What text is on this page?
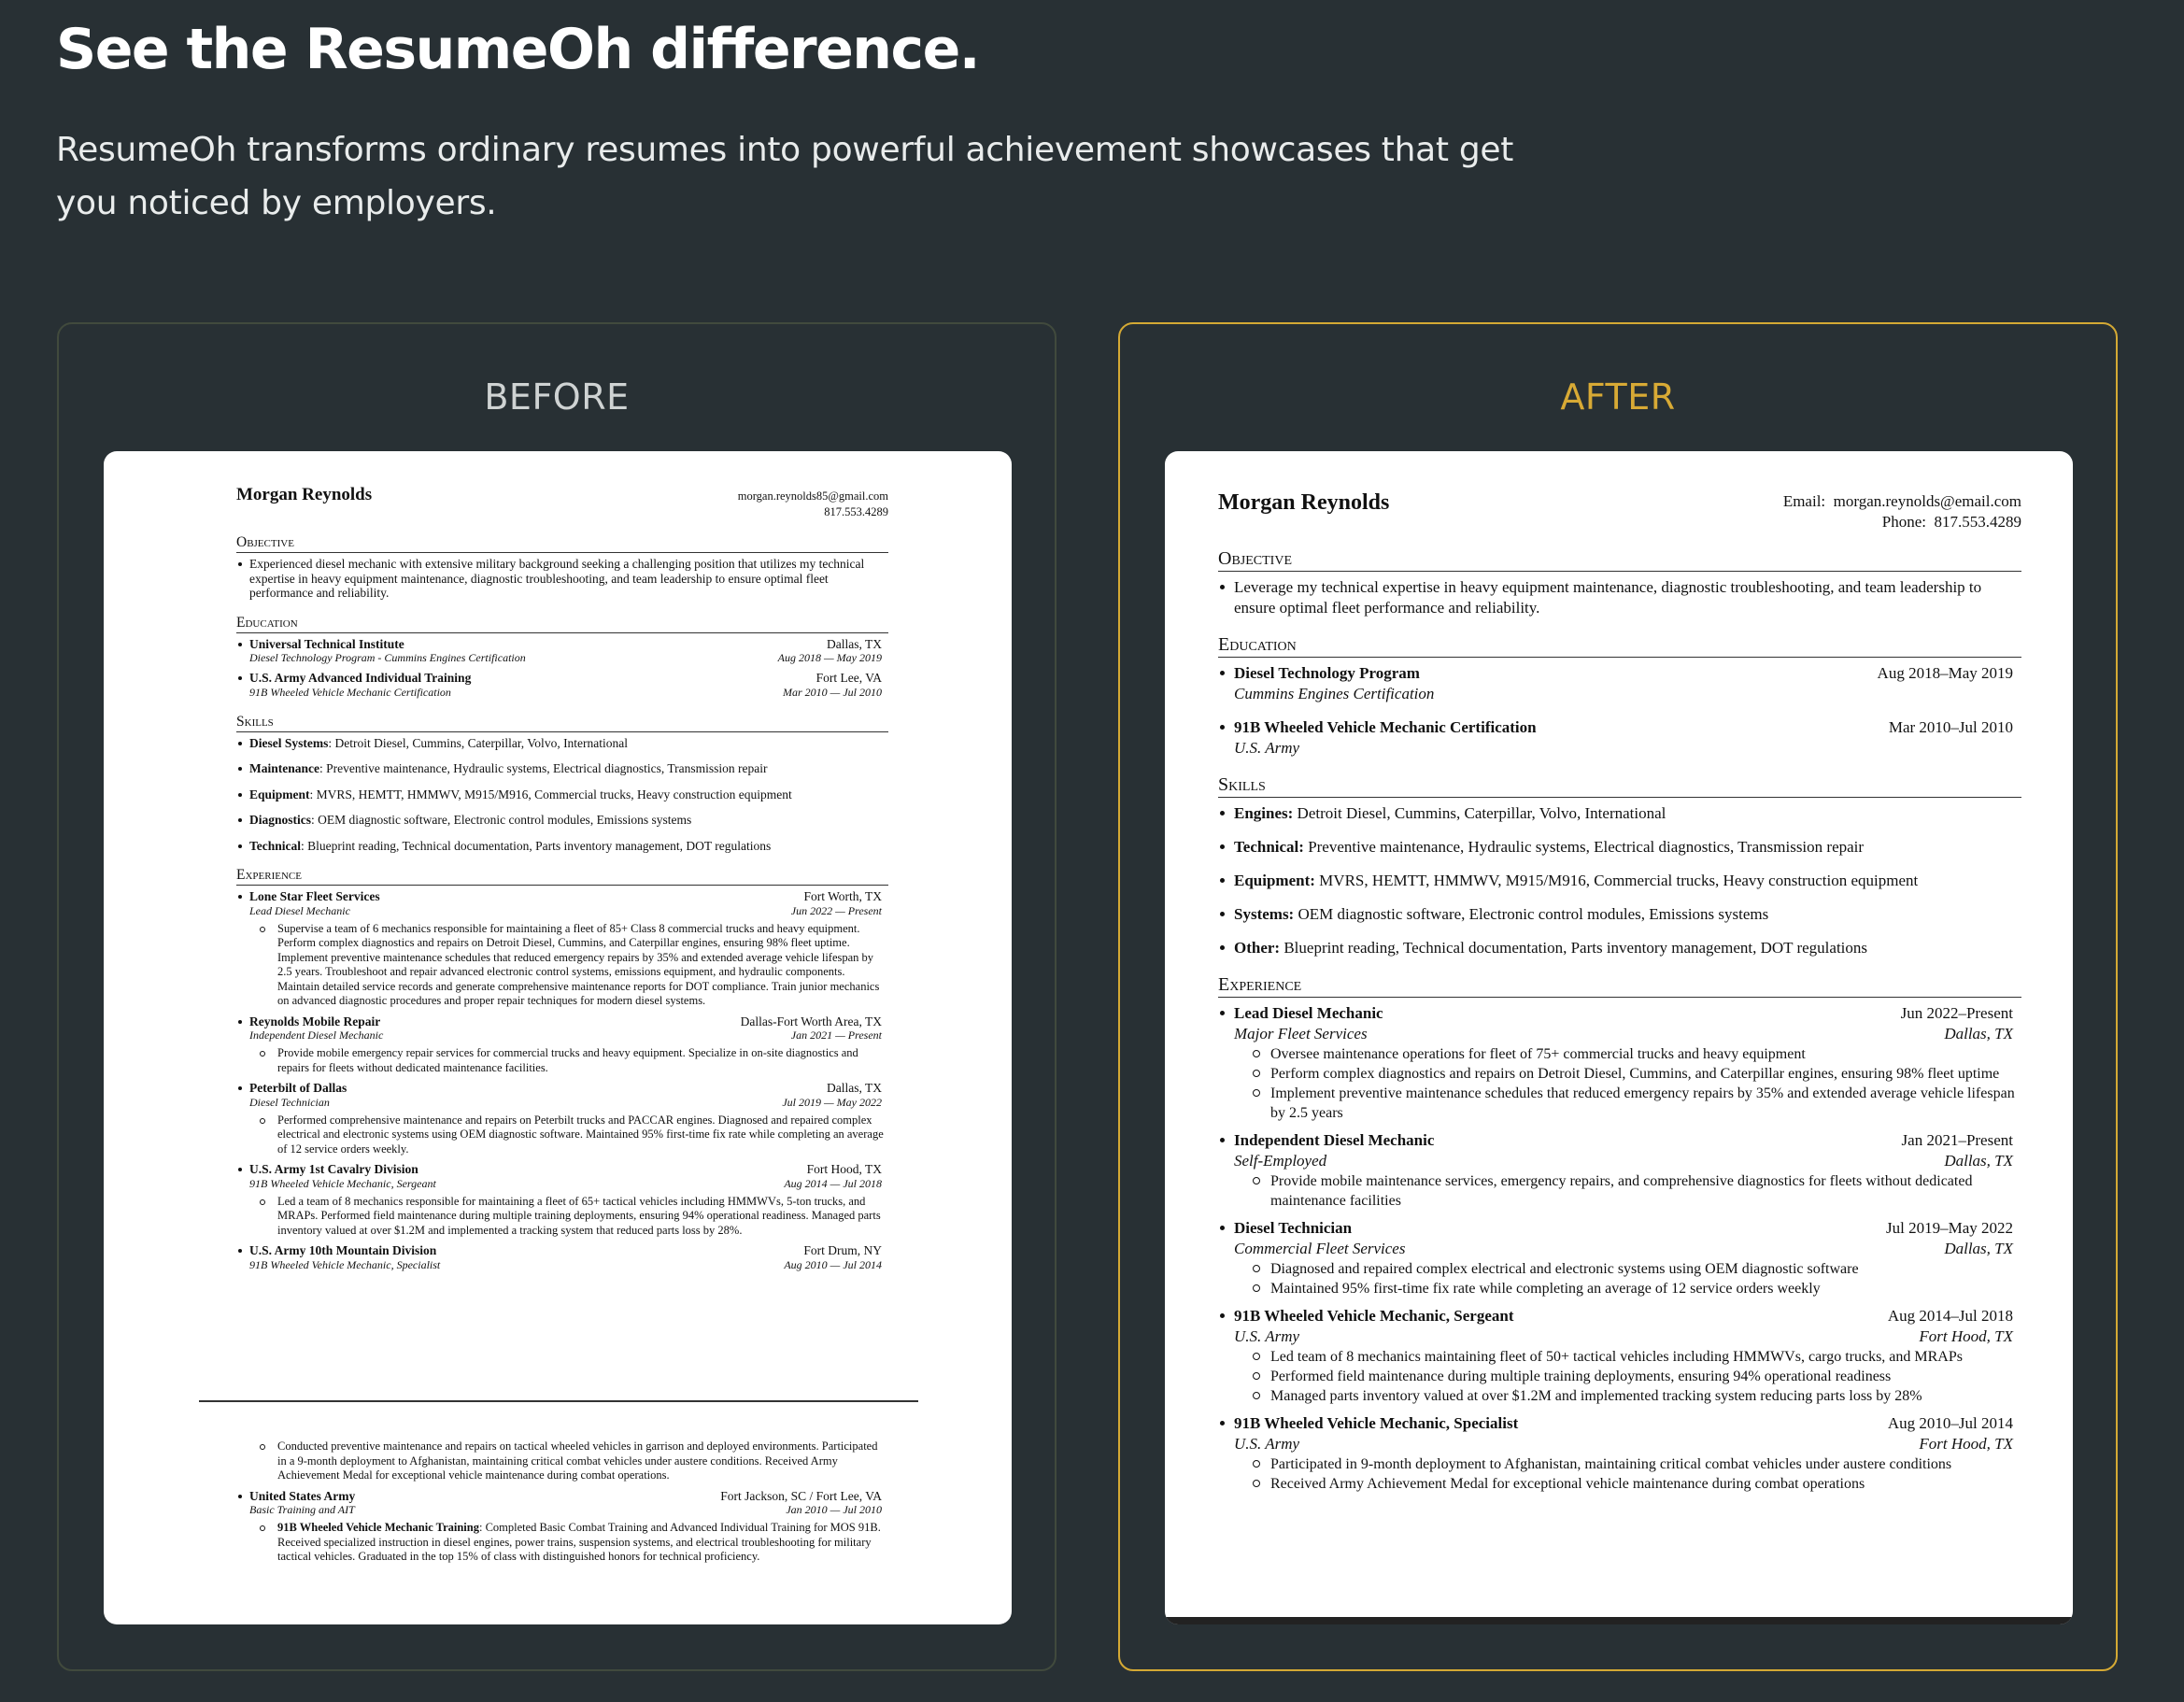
See the ResumeOh difference.
ResumeOh transforms ordinary resumes into powerful achievement showcases that get you noticed by employers.
BEFORE
Morgan Reynolds	morgan.reynolds85@gmail.com
817.553.4289
Objective
Experienced diesel mechanic with extensive military background seeking a challenging position that utilizes my technical expertise in heavy equipment maintenance, diagnostic troubleshooting, and team leadership to ensure optimal fleet performance and reliability.
Education
Universal Technical Institute	Dallas, TX
Diesel Technology Program - Cummins Engines Certification	Aug 2018 — May 2019
U.S. Army Advanced Individual Training	Fort Lee, VA
91B Wheeled Vehicle Mechanic Certification	Mar 2010 — Jul 2010
Skills
Diesel Systems: Detroit Diesel, Cummins, Caterpillar, Volvo, International
Maintenance: Preventive maintenance, Hydraulic systems, Electrical diagnostics, Transmission repair
Equipment: MVRS, HEMTT, HMMWV, M915/M916, Commercial trucks, Heavy construction equipment
Diagnostics: OEM diagnostic software, Electronic control modules, Emissions systems
Technical: Blueprint reading, Technical documentation, Parts inventory management, DOT regulations
Experience
Lone Star Fleet Services	Fort Worth, TX
Lead Diesel Mechanic	Jun 2022 — Present
Supervise a team of 6 mechanics responsible for maintaining a fleet of 85+ Class 8 commercial trucks and heavy equipment. Perform complex diagnostics and repairs on Detroit Diesel, Cummins, and Caterpillar engines, ensuring 98% fleet uptime. Implement preventive maintenance schedules that reduced emergency repairs by 35% and extended average vehicle lifespan by 2.5 years. Troubleshoot and repair advanced electronic control systems, emissions equipment, and hydraulic components. Maintain detailed service records and generate comprehensive maintenance reports for DOT compliance. Train junior mechanics on advanced diagnostic procedures and proper repair techniques for modern diesel systems.
Reynolds Mobile Repair	Dallas-Fort Worth Area, TX
Independent Diesel Mechanic	Jan 2021 — Present
Provide mobile emergency repair services for commercial trucks and heavy equipment. Specialize in on-site diagnostics and repairs for fleets without dedicated maintenance facilities.
Peterbilt of Dallas	Dallas, TX
Diesel Technician	Jul 2019 — May 2022
Performed comprehensive maintenance and repairs on Peterbilt trucks and PACCAR engines. Diagnosed and repaired complex electrical and electronic systems using OEM diagnostic software. Maintained 95% first-time fix rate while completing an average of 12 service orders weekly.
U.S. Army 1st Cavalry Division	Fort Hood, TX
91B Wheeled Vehicle Mechanic, Sergeant	Aug 2014 — Jul 2018
Led a team of 8 mechanics responsible for maintaining a fleet of 65+ tactical vehicles including HMMWVs, 5-ton trucks, and MRAPs. Performed field maintenance during multiple training deployments, ensuring 94% operational readiness. Managed parts inventory valued at over $1.2M and implemented a tracking system that reduced parts loss by 28%.
U.S. Army 10th Mountain Division	Fort Drum, NY
91B Wheeled Vehicle Mechanic, Specialist	Aug 2010 — Jul 2014
Conducted preventive maintenance and repairs on tactical wheeled vehicles in garrison and deployed environments. Participated in a 9-month deployment to Afghanistan, maintaining critical combat vehicles under austere conditions. Received Army Achievement Medal for exceptional vehicle maintenance during combat operations.
United States Army	Fort Jackson, SC / Fort Lee, VA
Basic Training and AIT	Jan 2010 — Jul 2010
91B Wheeled Vehicle Mechanic Training: Completed Basic Combat Training and Advanced Individual Training for MOS 91B. Received specialized instruction in diesel engines, power trains, suspension systems, and electrical troubleshooting for military tactical vehicles. Graduated in the top 15% of class with distinguished honors for technical proficiency.
AFTER
Morgan Reynolds	Email: morgan.reynolds@email.com
Phone: 817.553.4289
Objective
Leverage my technical expertise in heavy equipment maintenance, diagnostic troubleshooting, and team leadership to ensure optimal fleet performance and reliability.
Education
Diesel Technology Program	Aug 2018–May 2019
Cummins Engines Certification
91B Wheeled Vehicle Mechanic Certification	Mar 2010–Jul 2010
U.S. Army
Skills
Engines: Detroit Diesel, Cummins, Caterpillar, Volvo, International
Technical: Preventive maintenance, Hydraulic systems, Electrical diagnostics, Transmission repair
Equipment: MVRS, HEMTT, HMMWV, M915/M916, Commercial trucks, Heavy construction equipment
Systems: OEM diagnostic software, Electronic control modules, Emissions systems
Other: Blueprint reading, Technical documentation, Parts inventory management, DOT regulations
Experience
Lead Diesel Mechanic	Jun 2022–Present
Major Fleet Services	Dallas, TX
Oversee maintenance operations for fleet of 75+ commercial trucks and heavy equipment
Perform complex diagnostics and repairs on Detroit Diesel, Cummins, and Caterpillar engines, ensuring 98% fleet uptime
Implement preventive maintenance schedules that reduced emergency repairs by 35% and extended average vehicle lifespan by 2.5 years
Independent Diesel Mechanic	Jan 2021–Present
Self-Employed	Dallas, TX
Provide mobile maintenance services, emergency repairs, and comprehensive diagnostics for fleets without dedicated maintenance facilities
Diesel Technician	Jul 2019–May 2022
Commercial Fleet Services	Dallas, TX
Diagnosed and repaired complex electrical and electronic systems using OEM diagnostic software
Maintained 95% first-time fix rate while completing an average of 12 service orders weekly
91B Wheeled Vehicle Mechanic, Sergeant	Aug 2014–Jul 2018
U.S. Army	Fort Hood, TX
Led team of 8 mechanics maintaining fleet of 50+ tactical vehicles including HMMWVs, cargo trucks, and MRAPs
Performed field maintenance during multiple training deployments, ensuring 94% operational readiness
Managed parts inventory valued at over $1.2M and implemented tracking system reducing parts loss by 28%
91B Wheeled Vehicle Mechanic, Specialist	Aug 2010–Jul 2014
U.S. Army	Fort Hood, TX
Participated in 9-month deployment to Afghanistan, maintaining critical combat vehicles under austere conditions
Received Army Achievement Medal for exceptional vehicle maintenance during combat operations
